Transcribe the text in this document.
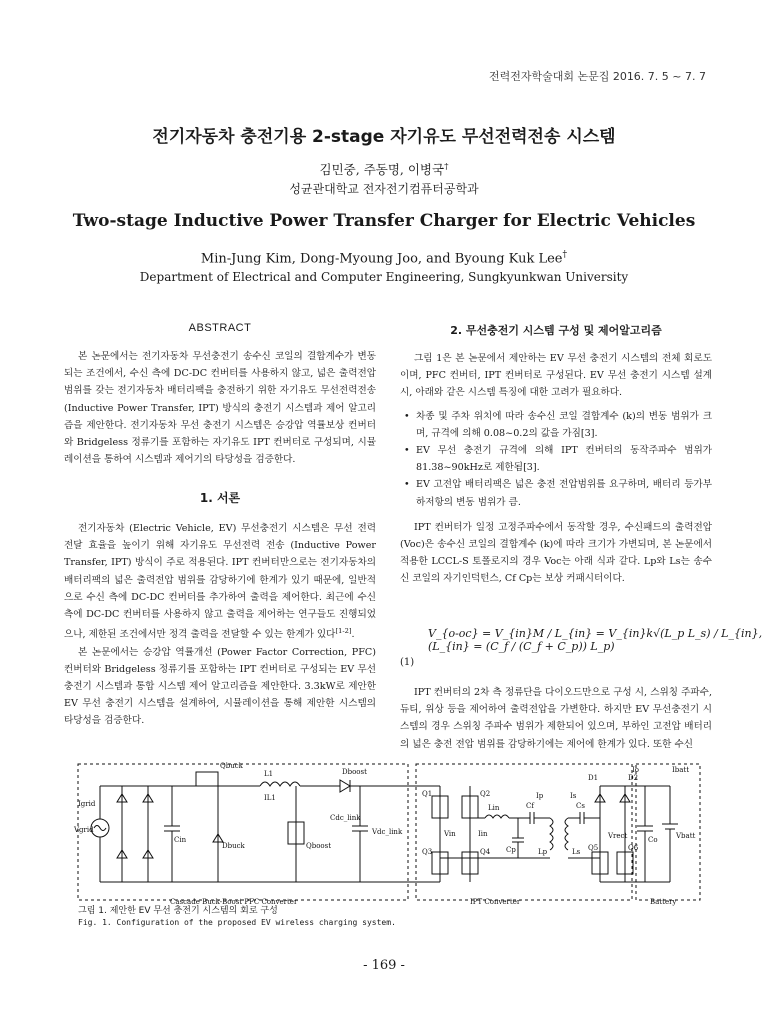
전력전자학술대회 논문집 2016. 7. 5 ~ 7. 7
전기자동차 충전기용 2-stage 자기유도 무선전력전송 시스템
김민중, 주동명, 이병국†
성균관대학교 전자전기컴퓨터공학과
Two-stage Inductive Power Transfer Charger for Electric Vehicles
Min-Jung Kim, Dong-Myoung Joo, and Byoung Kuk Lee†
Department of Electrical and Computer Engineering, Sungkyunkwan University
ABSTRACT

본 논문에서는 전기자동차 무선충전기 송수신 코일의 결합계수가 변동되는 조건에서, 수신 측에 DC-DC 컨버터를 사용하지 않고, 넓은 출력전압 범위를 갖는 전기자동차 배터리팩을 충전하기 위한 자기유도 무선전력전송 (Inductive Power Transfer, IPT) 방식의 충전기 시스템과 제어 알고리즘을 제안한다. 전기자동차 무선 충전기 시스템은 승강압 역률보상 컨버터와 Bridgeless 정류기를 포함하는 자기유도 IPT 컨버터로 구성되며, 시뮬레이션을 통하여 시스템과 제어기의 타당성을 검증한다.

1. 서론

전기자동차 (Electric Vehicle, EV) 무선충전기 시스템은 무선 전력 전달 효율을 높이기 위해 자기유도 무선전력 전송 (Inductive Power Transfer, IPT) 방식이 주로 적용된다. IPT 컨버터만으로는 전기자동차의 배터리팩의 넓은 출력전압 범위를 감당하기에 한계가 있기 때문에, 일반적으로 수신 측에 DC-DC 컨버터를 추가하여 출력을 제어한다. 최근에 수신 측에 DC-DC 컨버터를 사용하지 않고 출력을 제어하는 연구들도 진행되었으나, 제한된 조건에서만 정격 출력을 전달할 수 있는 한계가 있다[1-2].

본 논문에서는 승강압 역률개선 (Power Factor Correction, PFC) 컨버터와 Bridgeless 정류기를 포함하는 IPT 컨버터로 구성되는 EV 무선충전기 시스템과 통합 시스템 제어 알고리즘을 제안한다. 3.3kW로 제안한 EV 무선 충전기 시스템을 설계하여, 시뮬레이션을 통해 제안한 시스템의 타당성을 검증한다.

2. 무선충전기 시스템 구성 및 제어알고리즘

그림 1은 본 논문에서 제안하는 EV 무선 충전기 시스템의 전체 회로도이며, PFC 컨버터, IPT 컨버터로 구성된다. EV 무선 충전기 시스템 설계 시, 아래와 같은 시스템 특징에 대한 고려가 필요하다.

• 차종 및 주차 위치에 따라 송수신 코일 결합계수 (k)의 변동 범위가 크며, 규격에 의해 0.08~0.2의 값을 가짐[3].
• EV 무선 충전기 규격에 의해 IPT 컨버터의 동작주파수 범위가 81.38~90kHz로 제한됨[3].
• EV 고전압 배터리팩은 넓은 충전 전압범위를 요구하며, 배터리 등가부하저항의 변동 범위가 큼.

IPT 컨버터가 일정 고정주파수에서 동작할 경우, 수신패드의 출력전압 (Voc)은 송수신 코일의 결합계수 (k)에 따라 크기가 가변되며, 본 논문에서 적용한 LCCL-S 토폴로지의 경우 Voc는 아래 식과 같다. Lp와 Ls는 송수신 코일의 자기인덕턴스, Cf Cp는 보상 커패시터이다.

V_{o-oc} = V_{in}M / L_{in} = V_{in}k√(L_p L_s) / L_{in}, (L_{in} = (C_f / (C_f + C_p)) L_p)
(1)

IPT 컨버터의 2차 측 정류단을 다이오드만으로 구성 시, 스위칭 주파수, 듀티, 위상 등을 제어하여 출력전압을 가변한다. 하지만 EV 무선충전기 시스템의 경우 스위칭 주파수 범위가 제한되어 있으며, 부하인 고전압 배터리의 넓은 충전 전압 범위를 감당하기에는 제어에 한계가 있다. 또한 수신

Igrid
Vgrid
Cin
Qbuck
L1
IL1
Dbuck	Qboost
Dboost
Cdc_link
Vdc_link
Q1	Q2
Q3	Q4
Vin	Iin
Lin	Cf
Cp	Lp
Ip	Is
Cs
Ls
D1	D2
Q5	Q6
Vrect
Io
Co
Ibatt
Vbatt
Cascade Buck-Boost PFC Converter	IPT Converter	Battery
그림 1. 제안한 EV 무선 충전기 시스템의 회로 구성
Fig. 1. Configuration of the proposed EV wireless charging system.
- 169 -
